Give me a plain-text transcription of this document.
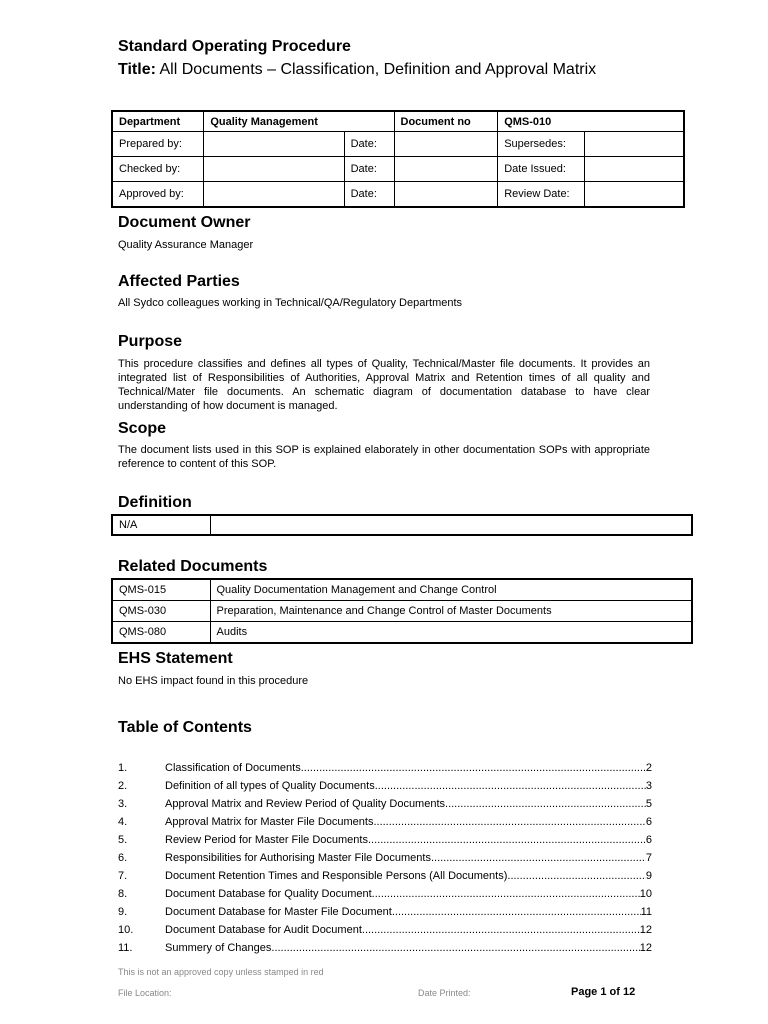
Standard Operating Procedure
Title: All Documents – Classification, Definition and Approval Matrix
Department	Quality Management		Document no	QMS-010	
Prepared by:		Date:		Supersedes:	
Checked by:		Date:		Date Issued:	
Approved by:		Date:		Review Date:	
Document Owner
Quality Assurance Manager
Affected Parties
All Sydco colleagues working in Technical/QA/Regulatory Departments
Purpose
This procedure classifies and defines all types of Quality, Technical/Master file documents. It provides an integrated list of Responsibilities of Authorities, Approval Matrix and Retention times of all quality and Technical/Mater file documents. An schematic diagram of documentation database to have clear understanding of how document is managed.
Scope
The document lists used in this SOP is explained elaborately in other documentation SOPs with appropriate reference to content of this SOP.
Definition
N/A	
Related Documents
QMS-015	Quality Documentation Management and Change Control
QMS-030	Preparation, Maintenance and Change Control of Master Documents
QMS-080	Audits
EHS Statement
No EHS impact found in this procedure
Table of Contents
1.	Classification of Documents .....	2
2.	Definition of all types of Quality Documents .....	3
3.	Approval Matrix and Review Period of Quality Documents .....	5
4.	Approval Matrix for Master File Documents .....	6
5.	Review Period for Master File Documents .....	6
6.	Responsibilities for Authorising Master File Documents .....	7
7.	Document Retention Times and Responsible Persons (All Documents) .....	9
8.	Document Database for Quality Document .....	10
9.	Document Database for Master File Document .....	11
10.	Document Database for Audit Document .....	12
11.	Summery of Changes .....	12
This is not an approved copy unless stamped in red
File Location:	Date Printed:	Page 1 of 12
